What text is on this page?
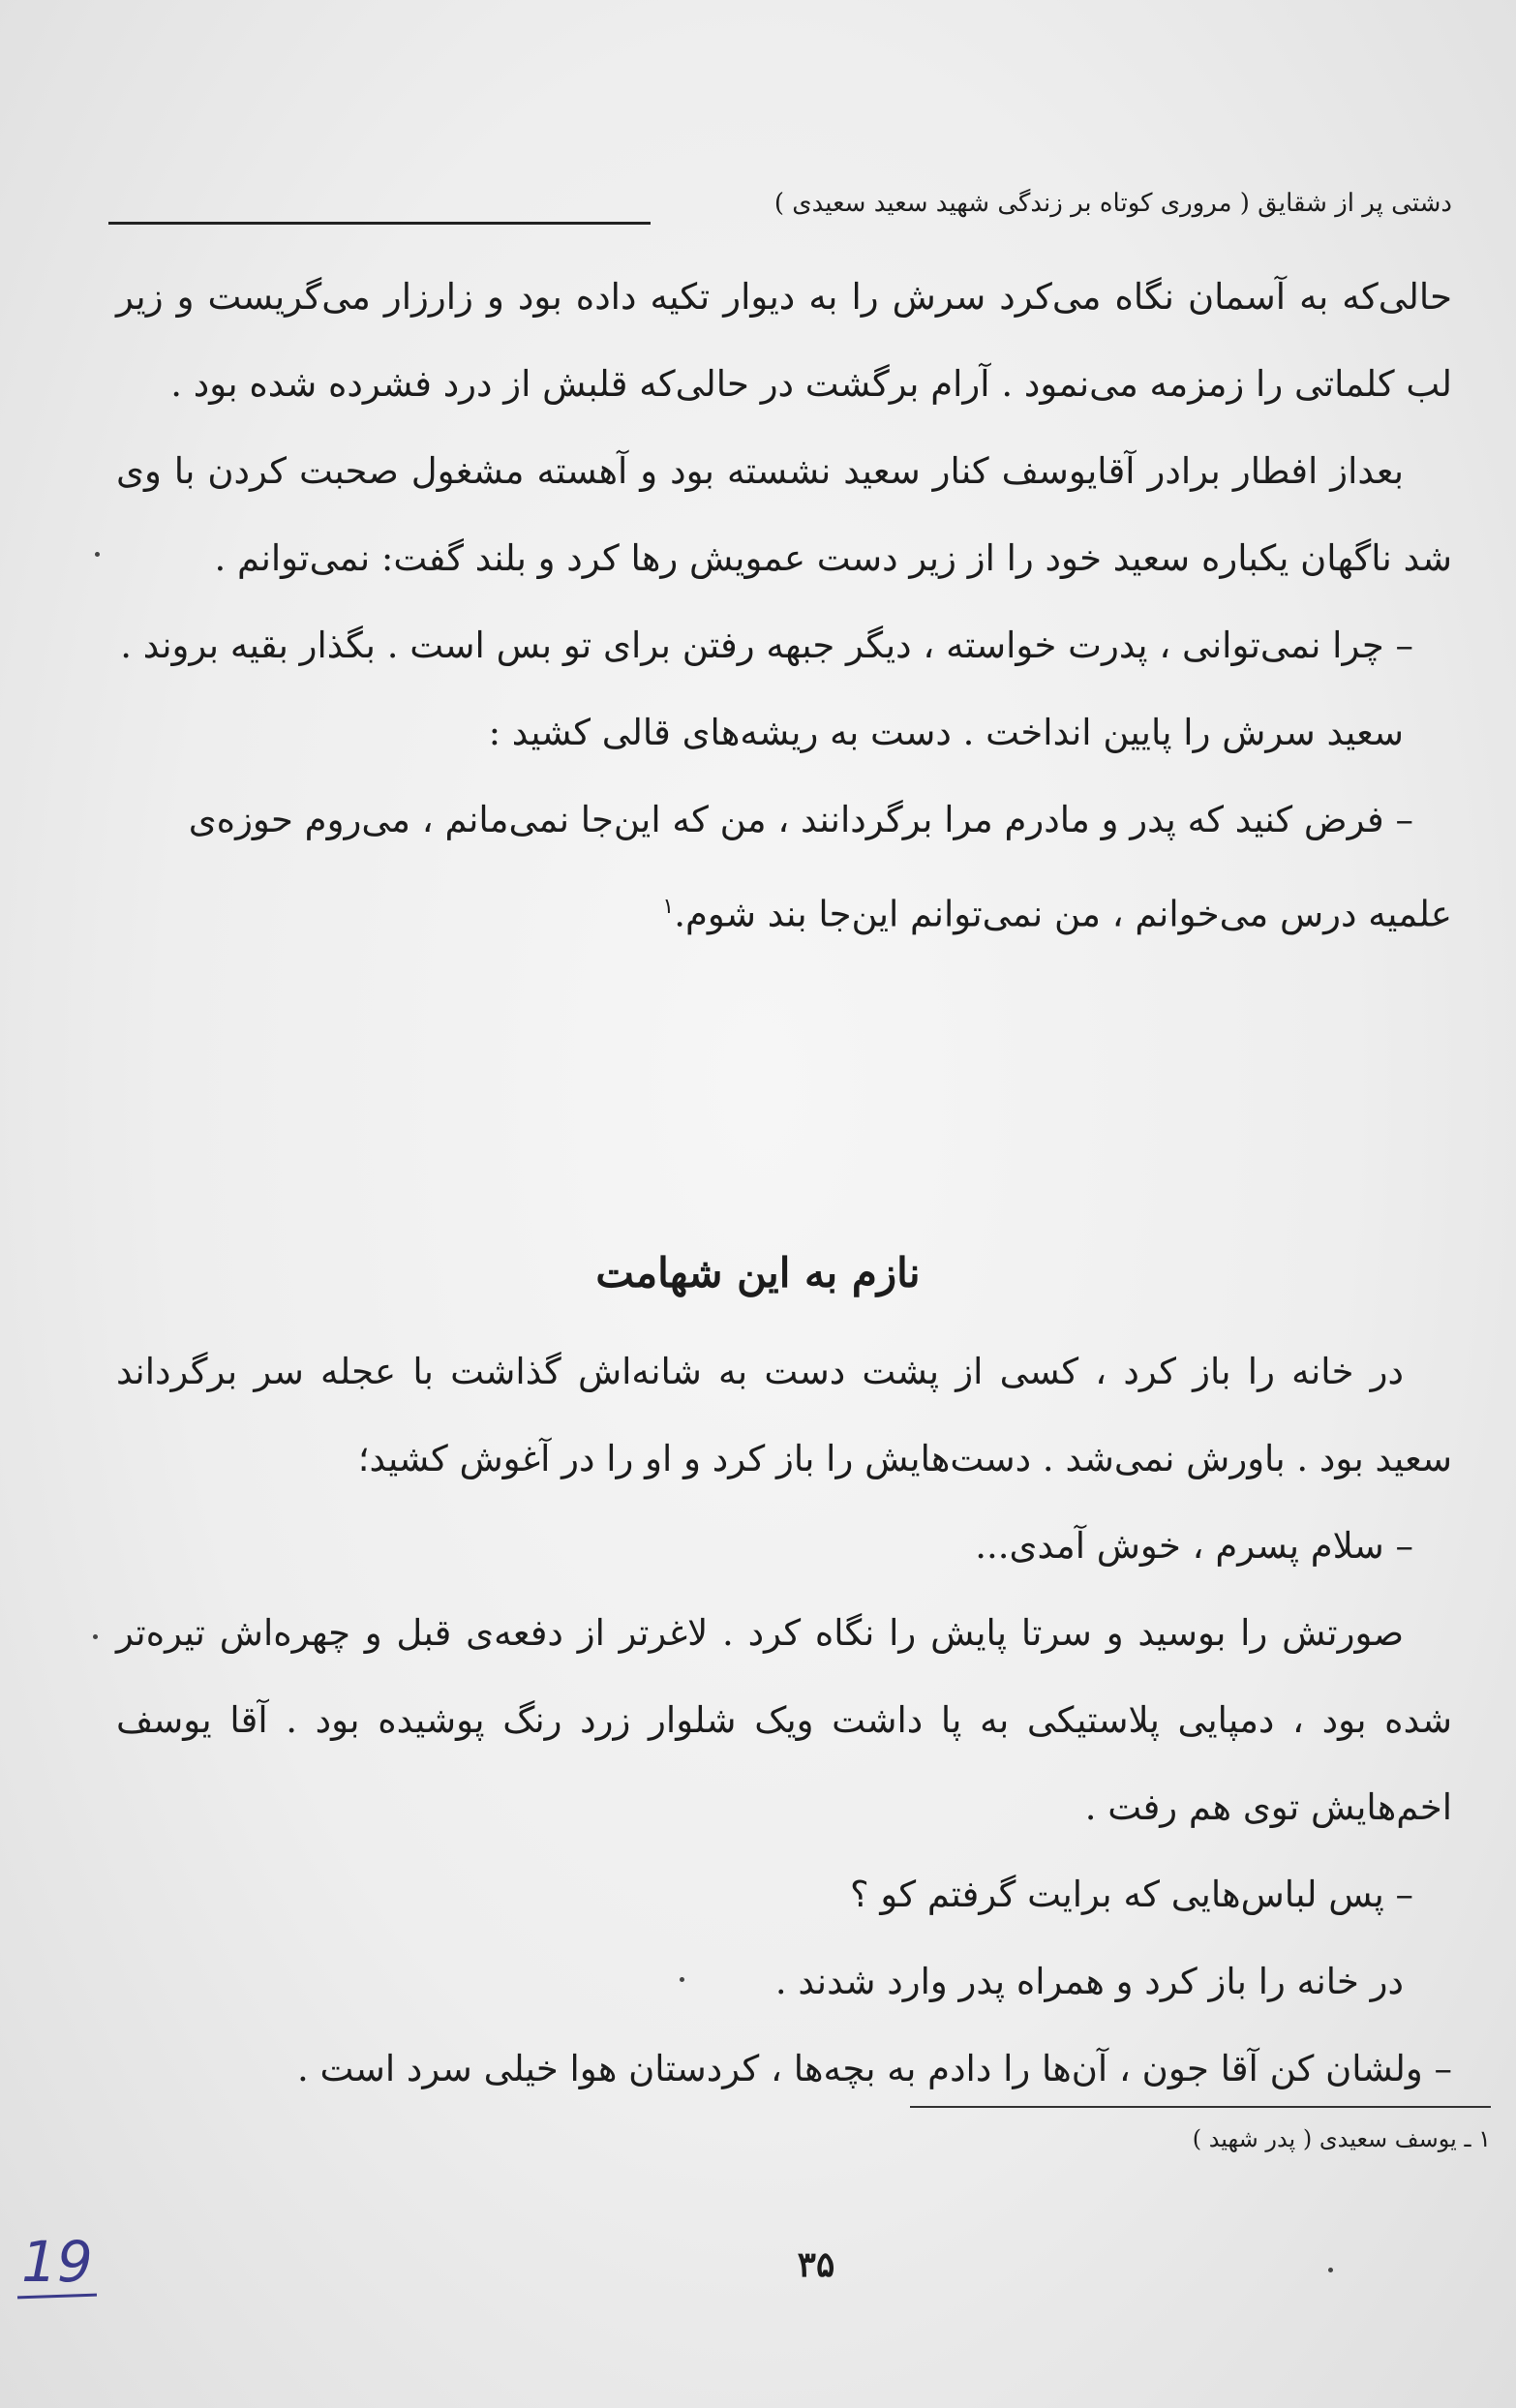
دشتی پر از شقایق ( مروری کوتاه بر زندگی شهید سعید سعیدی )

حالی‌که به آسمان نگاه می‌کرد سرش را به دیوار تکیه داده بود و زارزار می‌گریست و زیر لب کلماتی را زمزمه می‌نمود . آرام برگشت در حالی‌که قلبش از درد فشرده شده بود .

بعداز افطار برادر آقایوسف کنار سعید نشسته بود و آهسته مشغول صحبت کردن با وی شد ناگهان یکباره سعید خود را از زیر دست عمویش رها کرد و بلند گفت: نمی‌توانم .

– چرا نمی‌توانی ، پدرت خواسته ، دیگر جبهه رفتن برای تو بس است . بگذار بقیه بروند .

سعید سرش را پایین انداخت . دست به ریشه‌های قالی کشید :

– فرض کنید که پدر و مادرم مرا برگردانند ، من که این‌جا نمی‌مانم ، می‌روم حوزه‌ی علمیه درس می‌خوانم ، من نمی‌توانم این‌جا بند شوم.$^۱$

نازم به این شهامت

در خانه را باز کرد ، کسی از پشت دست به شانه‌اش گذاشت با عجله سر برگرداند سعید بود . باورش نمی‌شد . دست‌هایش را باز کرد و او را در آغوش کشید؛

– سلام پسرم ، خوش آمدی...

صورتش را بوسید و سرتا پایش را نگاه کرد . لاغرتر از دفعه‌ی قبل و چهره‌اش تیره‌تر شده بود ، دمپایی پلاستیکی به پا داشت ویک شلوار زرد رنگ پوشیده بود . آقا یوسف اخم‌هایش توی هم رفت .

– پس لباس‌هایی که برایت گرفتم کو ؟

در خانه را باز کرد و همراه پدر وارد شدند .

– ولشان کن آقا جون ، آن‌ها را دادم به بچه‌ها ، کردستان هوا خیلی سرد است .

۱ ـ یوسف سعیدی ( پدر شهید )
۳۵
19
